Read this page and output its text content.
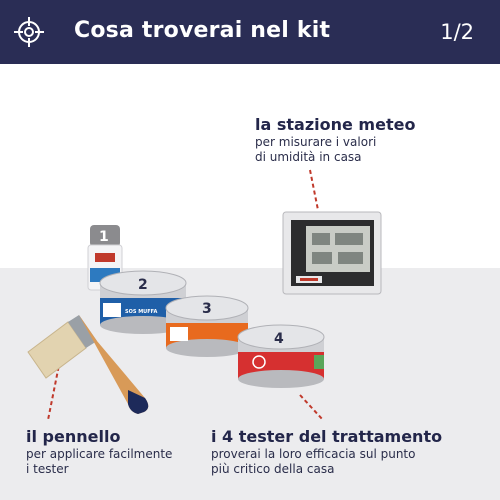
Cosa troverai nel kit	1/2
1
2
SOS MUFFA	3
4
la stazione meteo
per misurare i valori
di umidità in casa
il pennello
per applicare facilmente
i tester
i 4 tester del trattamento
proverai la loro efficacia sul punto
più critico della casa
